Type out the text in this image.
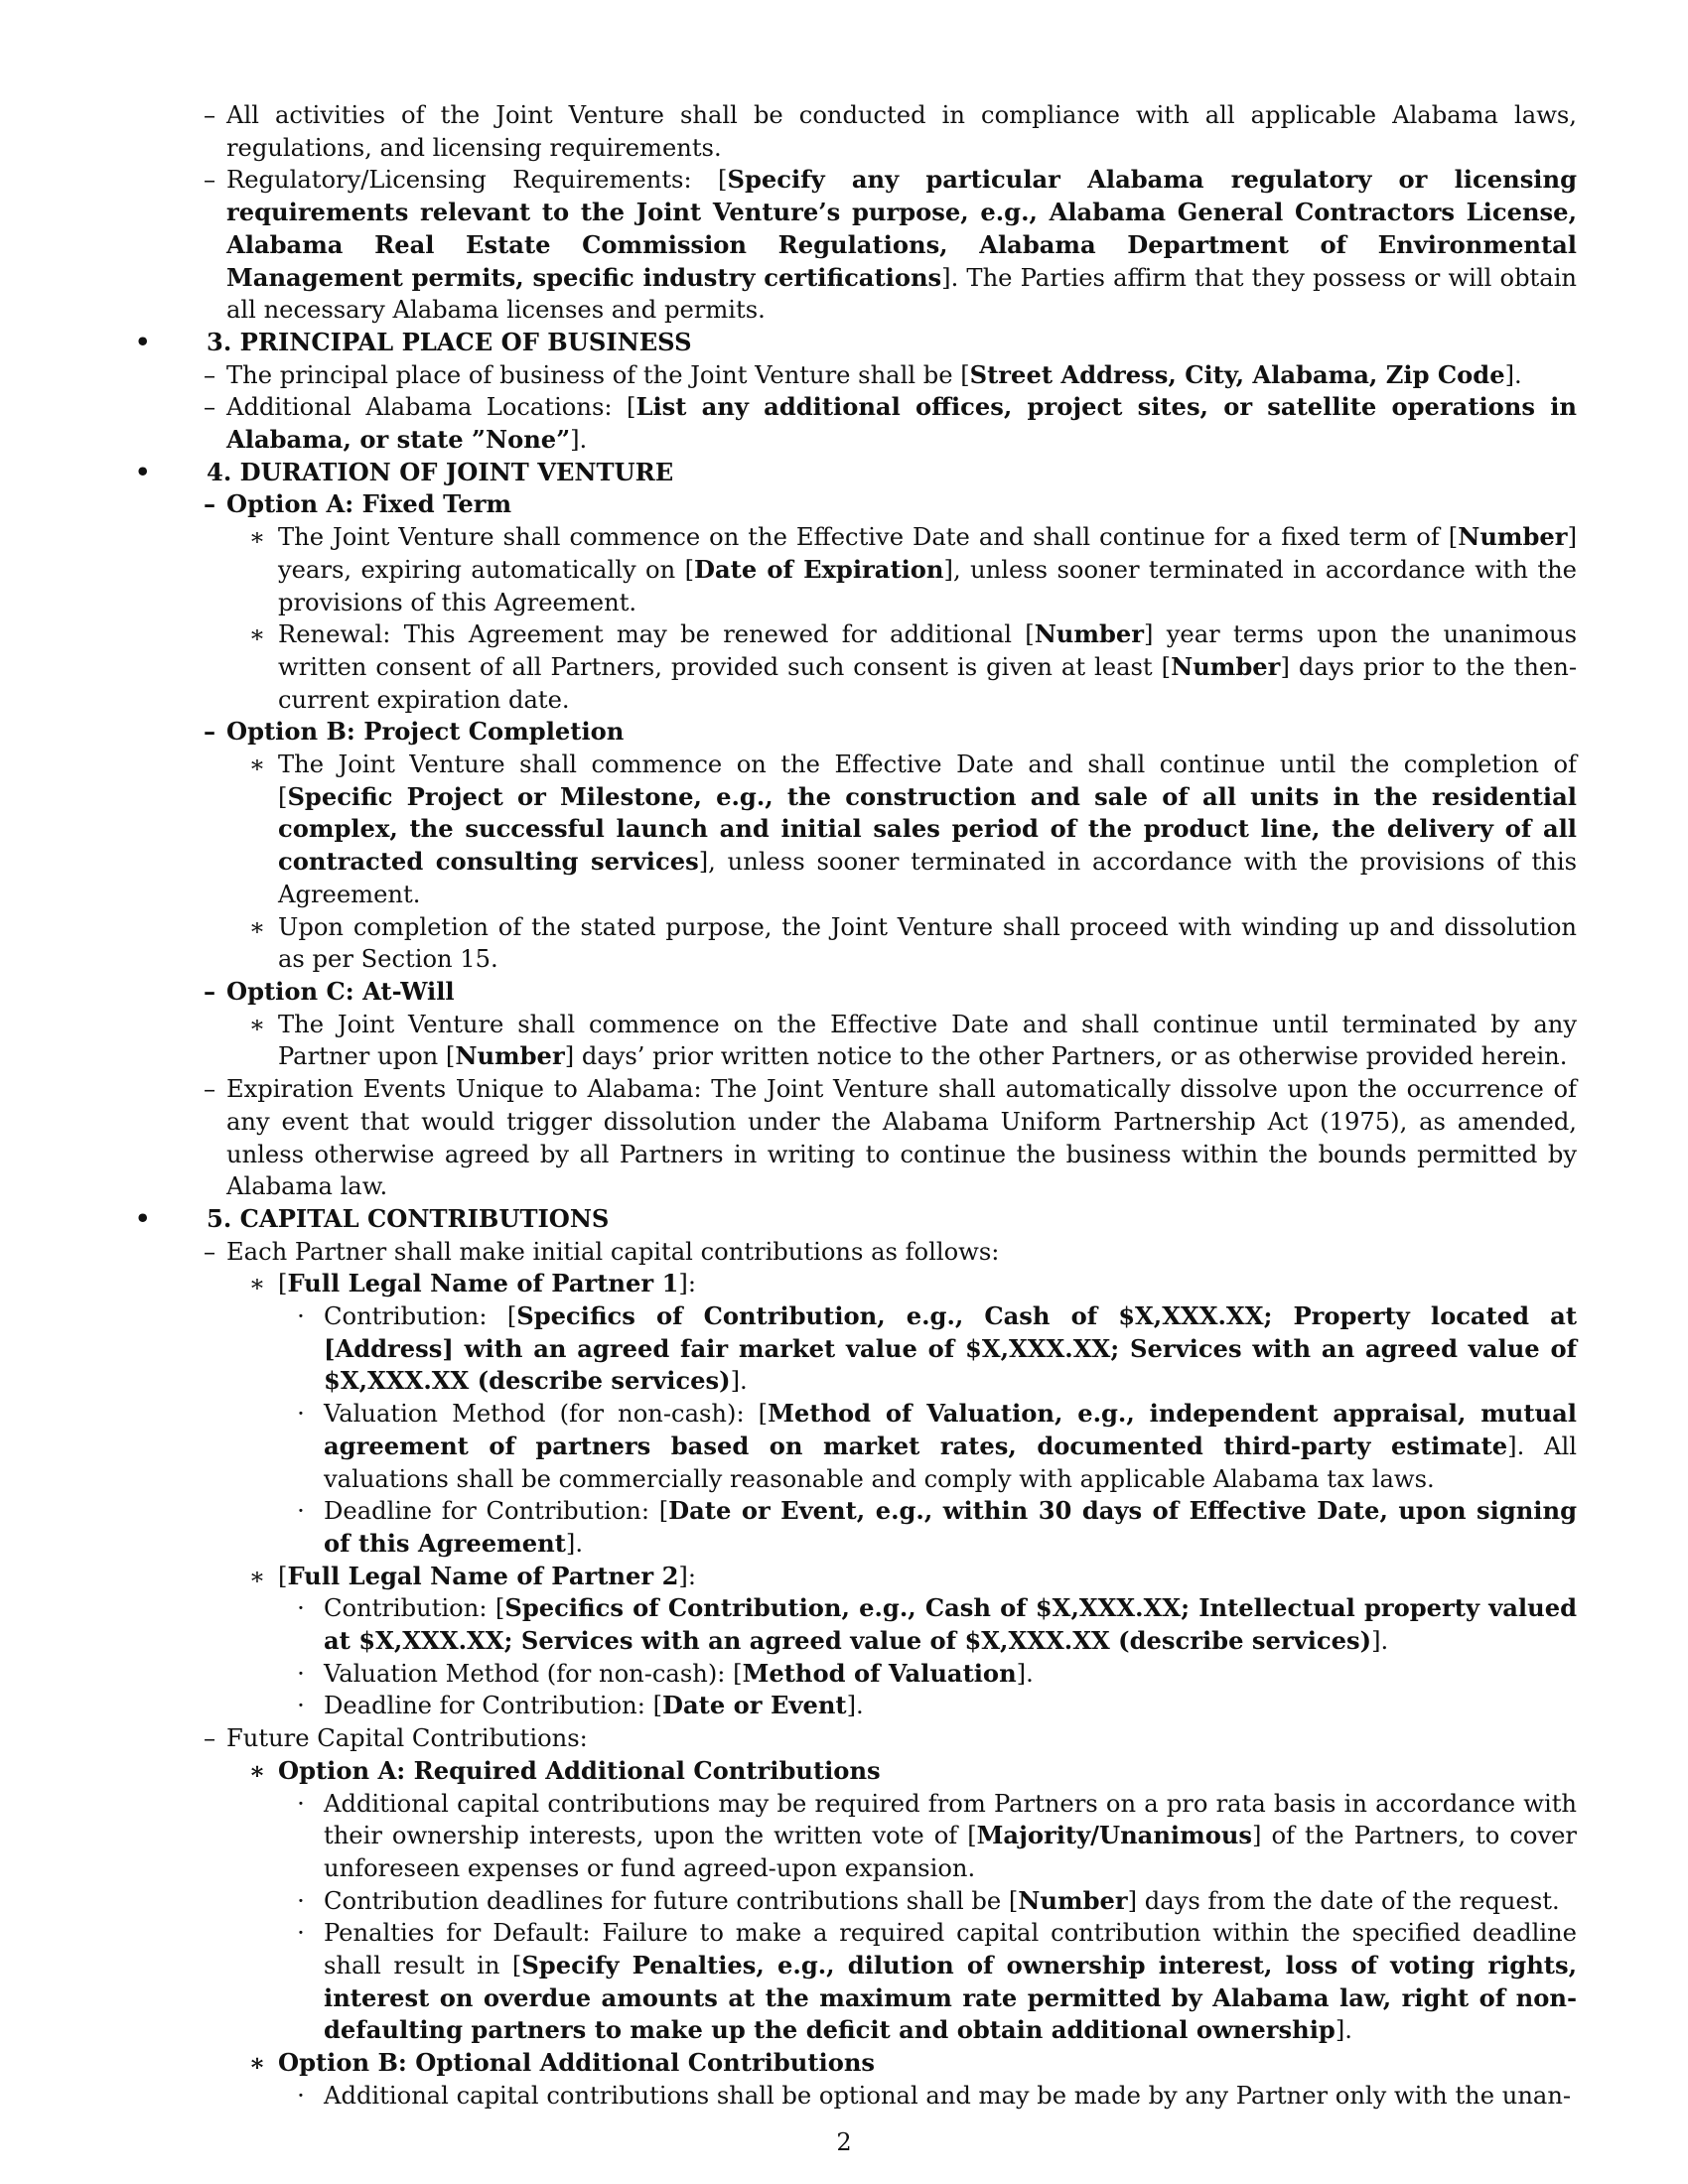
– All activities of the Joint Venture shall be conducted in compliance with all applicable Alabama laws, regulations, and licensing requirements.
– Regulatory/Licensing Requirements: [Specify any particular Alabama regulatory or licensing requirements relevant to the Joint Venture’s purpose, e.g., Alabama General Contractors License, Alabama Real Estate Commission Regulations, Alabama Department of Environmental Management permits, specific industry certifications]. The Parties affirm that they possess or will obtain all necessary Alabama licenses and permits.
• 3. PRINCIPAL PLACE OF BUSINESS
– The principal place of business of the Joint Venture shall be [Street Address, City, Alabama, Zip Code].
– Additional Alabama Locations: [List any additional offices, project sites, or satellite operations in Alabama, or state ”None”].
• 4. DURATION OF JOINT VENTURE
– Option A: Fixed Term
∗ The Joint Venture shall commence on the Effective Date and shall continue for a fixed term of [Number] years, expiring automatically on [Date of Expiration], unless sooner terminated in accordance with the provisions of this Agreement.
∗ Renewal: This Agreement may be renewed for additional [Number] year terms upon the unanimous written consent of all Partners, provided such consent is given at least [Number] days prior to the then-current expiration date.
– Option B: Project Completion
∗ The Joint Venture shall commence on the Effective Date and shall continue until the completion of [Specific Project or Milestone, e.g., the construction and sale of all units in the residential complex, the successful launch and initial sales period of the product line, the delivery of all contracted consulting services], unless sooner terminated in accordance with the provisions of this Agreement.
∗ Upon completion of the stated purpose, the Joint Venture shall proceed with winding up and dissolution as per Section 15.
– Option C: At-Will
∗ The Joint Venture shall commence on the Effective Date and shall continue until terminated by any Partner upon [Number] days’ prior written notice to the other Partners, or as otherwise provided herein.
– Expiration Events Unique to Alabama: The Joint Venture shall automatically dissolve upon the occurrence of any event that would trigger dissolution under the Alabama Uniform Partnership Act (1975), as amended, unless otherwise agreed by all Partners in writing to continue the business within the bounds permitted by Alabama law.
• 5. CAPITAL CONTRIBUTIONS
– Each Partner shall make initial capital contributions as follows:
∗ [Full Legal Name of Partner 1]:
· Contribution: [Specifics of Contribution, e.g., Cash of $X,XXX.XX; Property located at [Address] with an agreed fair market value of $X,XXX.XX; Services with an agreed value of $X,XXX.XX (describe services)].
· Valuation Method (for non-cash): [Method of Valuation, e.g., independent appraisal, mutual agreement of partners based on market rates, documented third-party estimate]. All valuations shall be commercially reasonable and comply with applicable Alabama tax laws.
· Deadline for Contribution: [Date or Event, e.g., within 30 days of Effective Date, upon signing of this Agreement].
∗ [Full Legal Name of Partner 2]:
· Contribution: [Specifics of Contribution, e.g., Cash of $X,XXX.XX; Intellectual property valued at $X,XXX.XX; Services with an agreed value of $X,XXX.XX (describe services)].
· Valuation Method (for non-cash): [Method of Valuation].
· Deadline for Contribution: [Date or Event].
– Future Capital Contributions:
∗ Option A: Required Additional Contributions
· Additional capital contributions may be required from Partners on a pro rata basis in accordance with their ownership interests, upon the written vote of [Majority/Unanimous] of the Partners, to cover unforeseen expenses or fund agreed-upon expansion.
· Contribution deadlines for future contributions shall be [Number] days from the date of the request.
· Penalties for Default: Failure to make a required capital contribution within the specified deadline shall result in [Specify Penalties, e.g., dilution of ownership interest, loss of voting rights, interest on overdue amounts at the maximum rate permitted by Alabama law, right of non-defaulting partners to make up the deficit and obtain additional ownership].
∗ Option B: Optional Additional Contributions
· Additional capital contributions shall be optional and may be made by any Partner only with the unan-
2
